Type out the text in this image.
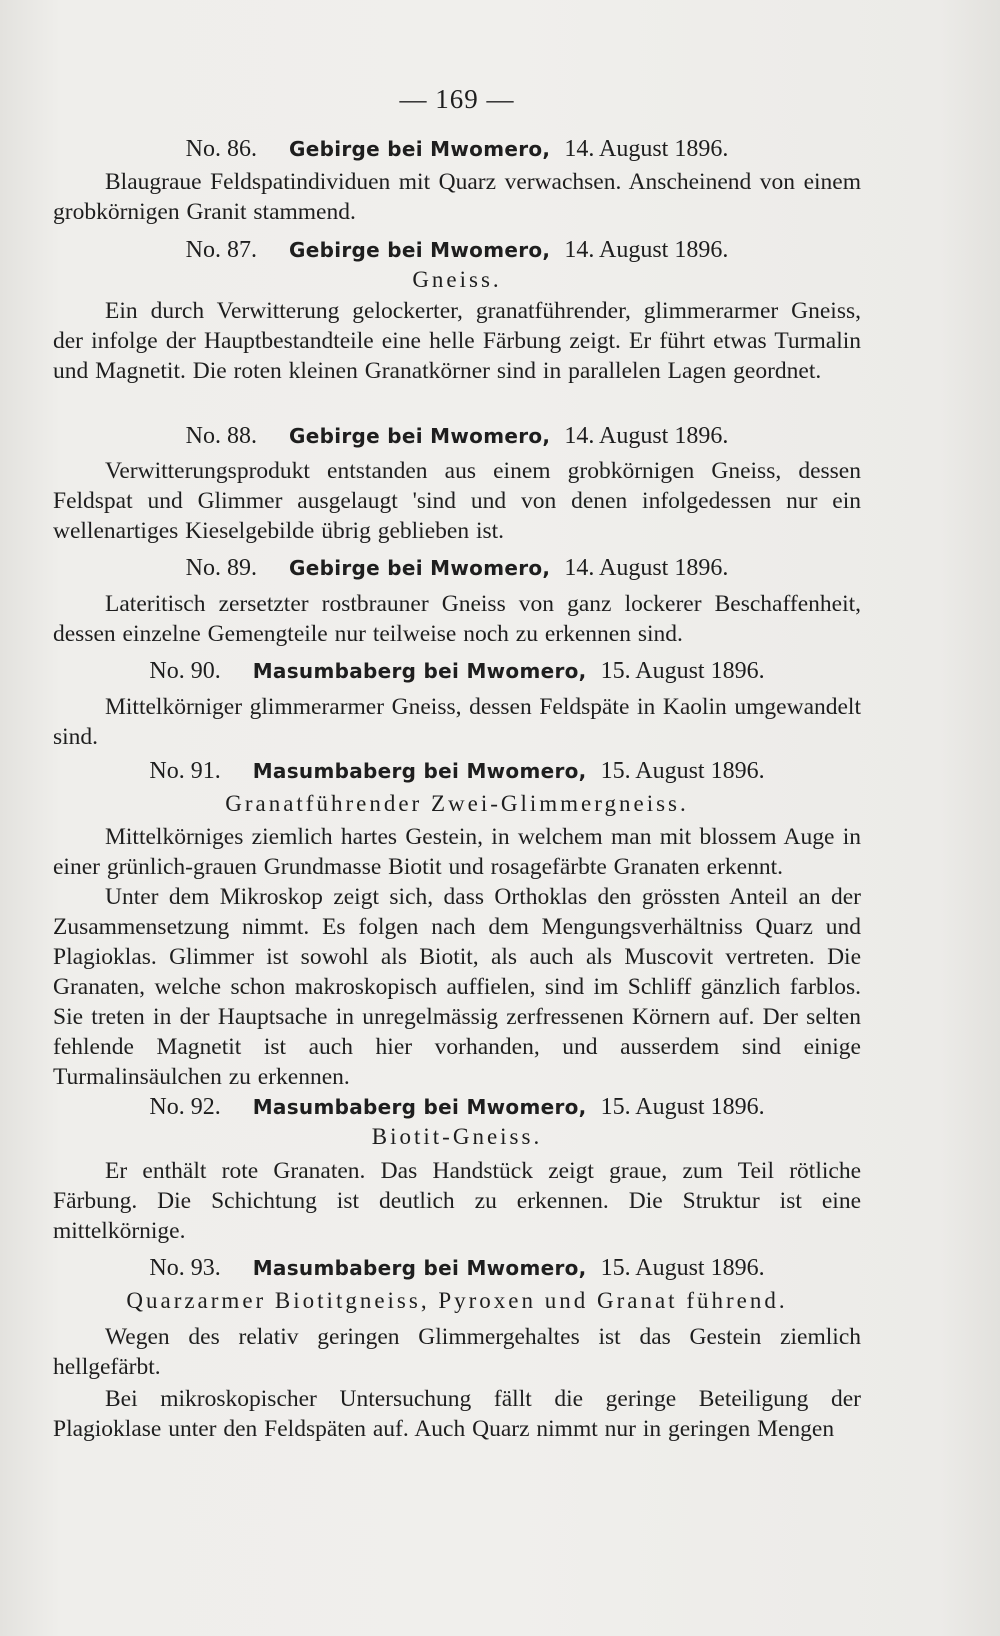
— 169 —
No. 86. Gebirge bei Mwomero, 14. August 1896.

Blaugraue Feldspatindividuen mit Quarz verwachsen. Anscheinend von einem grobkörnigen Granit stammend.

No. 87. Gebirge bei Mwomero, 14. August 1896.
Gneiss.

Ein durch Verwitterung gelockerter, granatführender, glimmerarmer Gneiss, der infolge der Hauptbestandteile eine helle Färbung zeigt. Er führt etwas Turmalin und Magnetit. Die roten kleinen Granatkörner sind in parallelen Lagen geordnet.

No. 88. Gebirge bei Mwomero, 14. August 1896.

Verwitterungsprodukt entstanden aus einem grobkörnigen Gneiss, dessen Feldspat und Glimmer ausgelaugt 'sind und von denen infolgedessen nur ein wellenartiges Kieselgebilde übrig geblieben ist.

No. 89. Gebirge bei Mwomero, 14. August 1896.

Lateritisch zersetzter rostbrauner Gneiss von ganz lockerer Beschaffenheit, dessen einzelne Gemengteile nur teilweise noch zu erkennen sind.

No. 90. Masumbaberg bei Mwomero, 15. August 1896.

Mittelkörniger glimmerarmer Gneiss, dessen Feldspäte in Kaolin umgewandelt sind.

No. 91. Masumbaberg bei Mwomero, 15. August 1896.
Granatführender Zwei-Glimmergneiss.

Mittelkörniges ziemlich hartes Gestein, in welchem man mit blossem Auge in einer grünlich-grauen Grundmasse Biotit und rosagefärbte Granaten erkennt.

Unter dem Mikroskop zeigt sich, dass Orthoklas den grössten Anteil an der Zusammensetzung nimmt. Es folgen nach dem Mengungsverhältniss Quarz und Plagioklas. Glimmer ist sowohl als Biotit, als auch als Muscovit vertreten. Die Granaten, welche schon makroskopisch auffielen, sind im Schliff gänzlich farblos. Sie treten in der Hauptsache in unregelmässig zerfressenen Körnern auf. Der selten fehlende Magnetit ist auch hier vorhanden, und ausserdem sind einige Turmalinsäulchen zu erkennen.

No. 92. Masumbaberg bei Mwomero, 15. August 1896.
Biotit-Gneiss.

Er enthält rote Granaten. Das Handstück zeigt graue, zum Teil rötliche Färbung. Die Schichtung ist deutlich zu erkennen. Die Struktur ist eine mittelkörnige.

No. 93. Masumbaberg bei Mwomero, 15. August 1896.
Quarzarmer Biotitgneiss, Pyroxen und Granat führend.

Wegen des relativ geringen Glimmergehaltes ist das Gestein ziemlich hellgefärbt.

Bei mikroskopischer Untersuchung fällt die geringe Beteiligung der Plagioklase unter den Feldspäten auf. Auch Quarz nimmt nur in geringen Mengen
